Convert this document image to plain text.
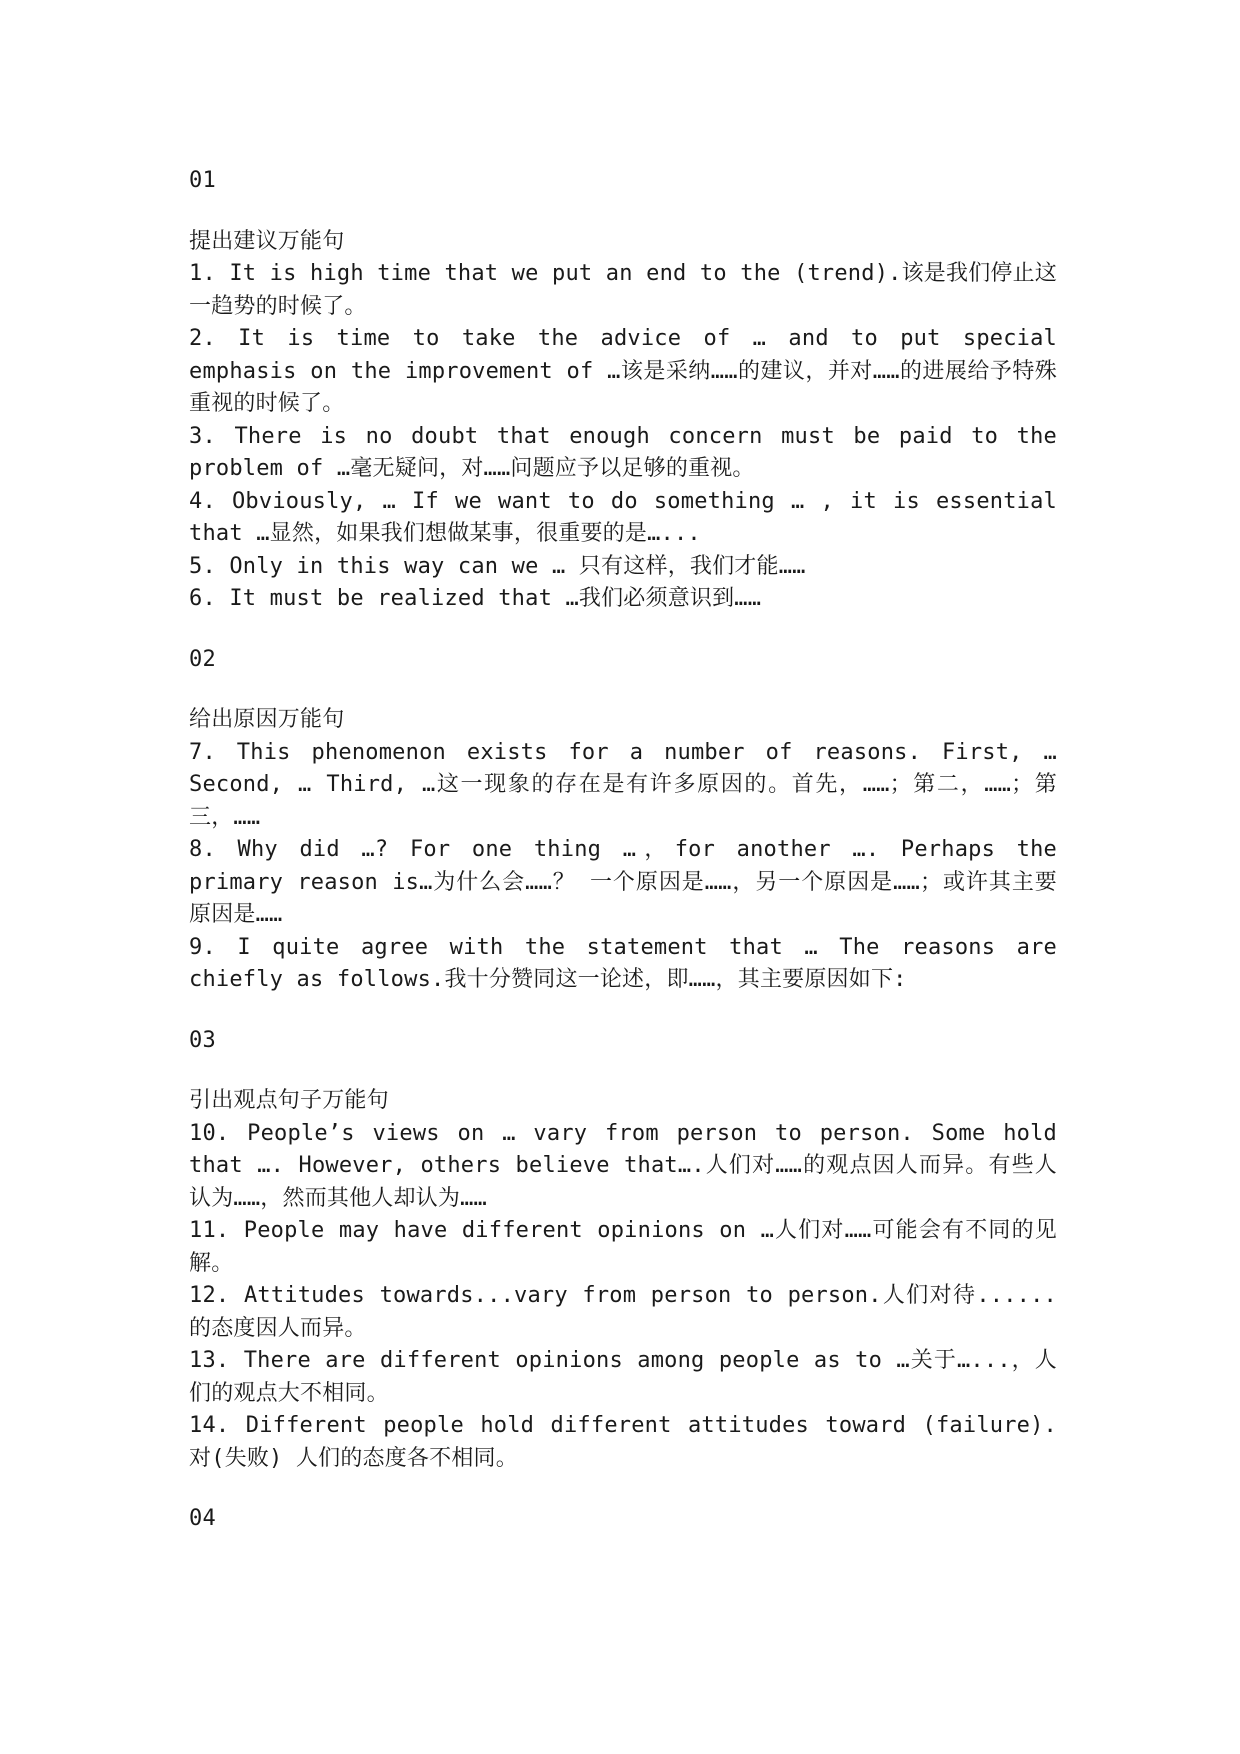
01
提出建议万能句
1. It is high time that we put an end to the (trend).该是我们停止这一趋势的时候了。
2. It is time to take the advice of … and to put special emphasis on the improvement of …该是采纳……的建议，并对……的进展给予特殊重视的时候了。
3. There is no doubt that enough concern must be paid to the problem of …毫无疑问，对……问题应予以足够的重视。
4. Obviously, … If we want to do something … , it is essential that …显然，如果我们想做某事，很重要的是…...
5. Only in this way can we … 只有这样，我们才能……
6. It must be realized that …我们必须意识到……
02
给出原因万能句
7. This phenomenon exists for a number of reasons. First, … Second, … Third, …这一现象的存在是有许多原因的。首先，……；第二，……；第三，……
8. Why did …? For one thing …，for another …. Perhaps the primary reason is…为什么会……？ 一个原因是……，另一个原因是……；或许其主要原因是……
9. I quite agree with the statement that … The reasons are chiefly as follows.我十分赞同这一论述，即……，其主要原因如下:
03
引出观点句子万能句
10. People’s views on … vary from person to person. Some hold that …. However, others believe that….人们对……的观点因人而异。有些人认为……，然而其他人却认为……
11. People may have different opinions on …人们对……可能会有不同的见解。
12. Attitudes towards...vary from person to person.人们对待......的态度因人而异。
13. There are different opinions among people as to …关于…...，人们的观点大不相同。
14. Different people hold different attitudes toward (failure). 对(失败) 人们的态度各不相同。
04
